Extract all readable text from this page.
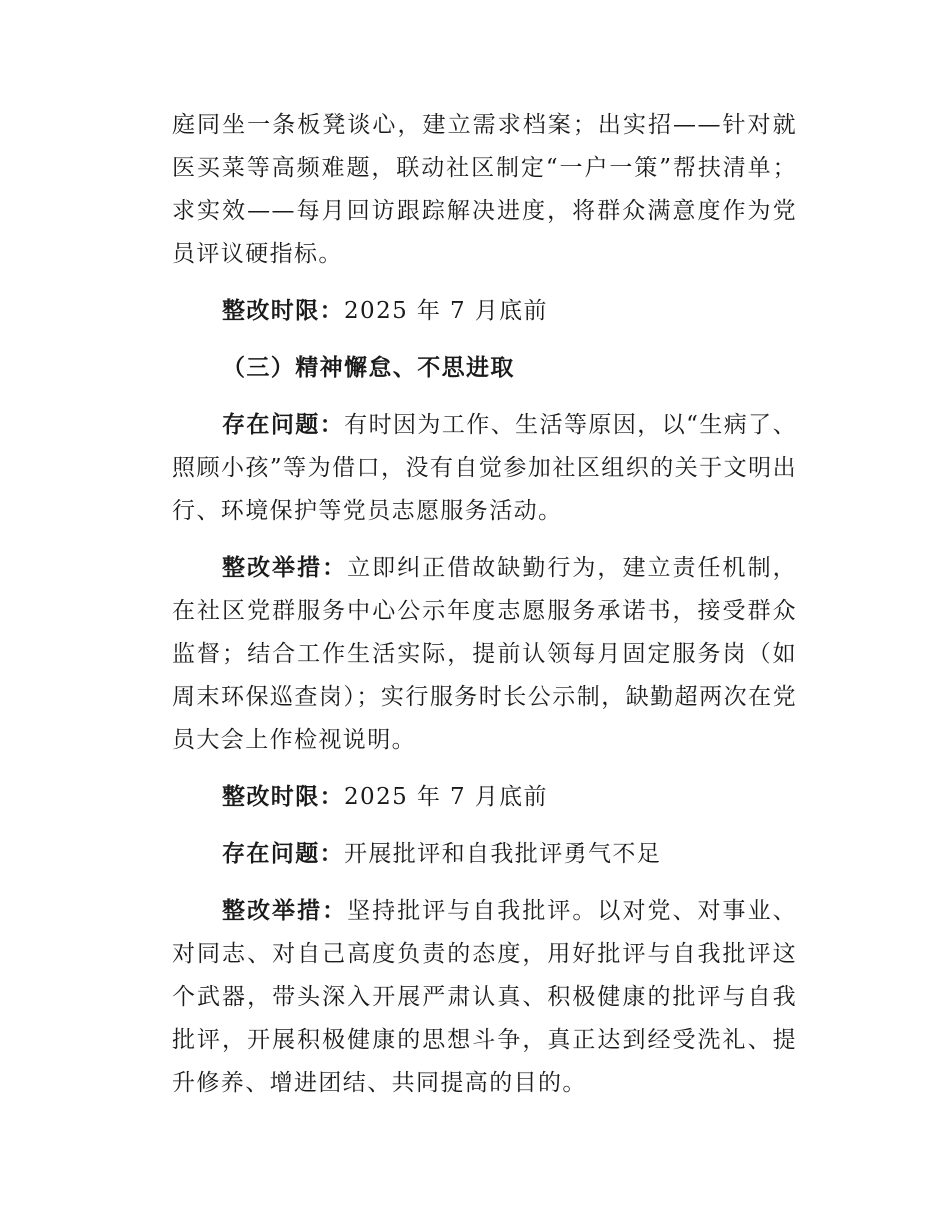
庭同坐一条板凳谈心，建立需求档案；出实招——针对就医买菜等高频难题，联动社区制定“一户一策”帮扶清单；求实效——每月回访跟踪解决进度，将群众满意度作为党员评议硬指标。

整改时限：2025 年 7 月底前

（三）精神懈怠、不思进取

存在问题：有时因为工作、生活等原因，以“生病了、照顾小孩”等为借口，没有自觉参加社区组织的关于文明出行、环境保护等党员志愿服务活动。

整改举措：立即纠正借故缺勤行为，建立责任机制，在社区党群服务中心公示年度志愿服务承诺书，接受群众监督；结合工作生活实际，提前认领每月固定服务岗（如周末环保巡查岗）；实行服务时长公示制，缺勤超两次在党员大会上作检视说明。

整改时限：2025 年 7 月底前

存在问题：开展批评和自我批评勇气不足

整改举措：坚持批评与自我批评。以对党、对事业、对同志、对自己高度负责的态度，用好批评与自我批评这个武器，带头深入开展严肃认真、积极健康的批评与自我批评，开展积极健康的思想斗争，真正达到经受洗礼、提升修养、增进团结、共同提高的目的。
